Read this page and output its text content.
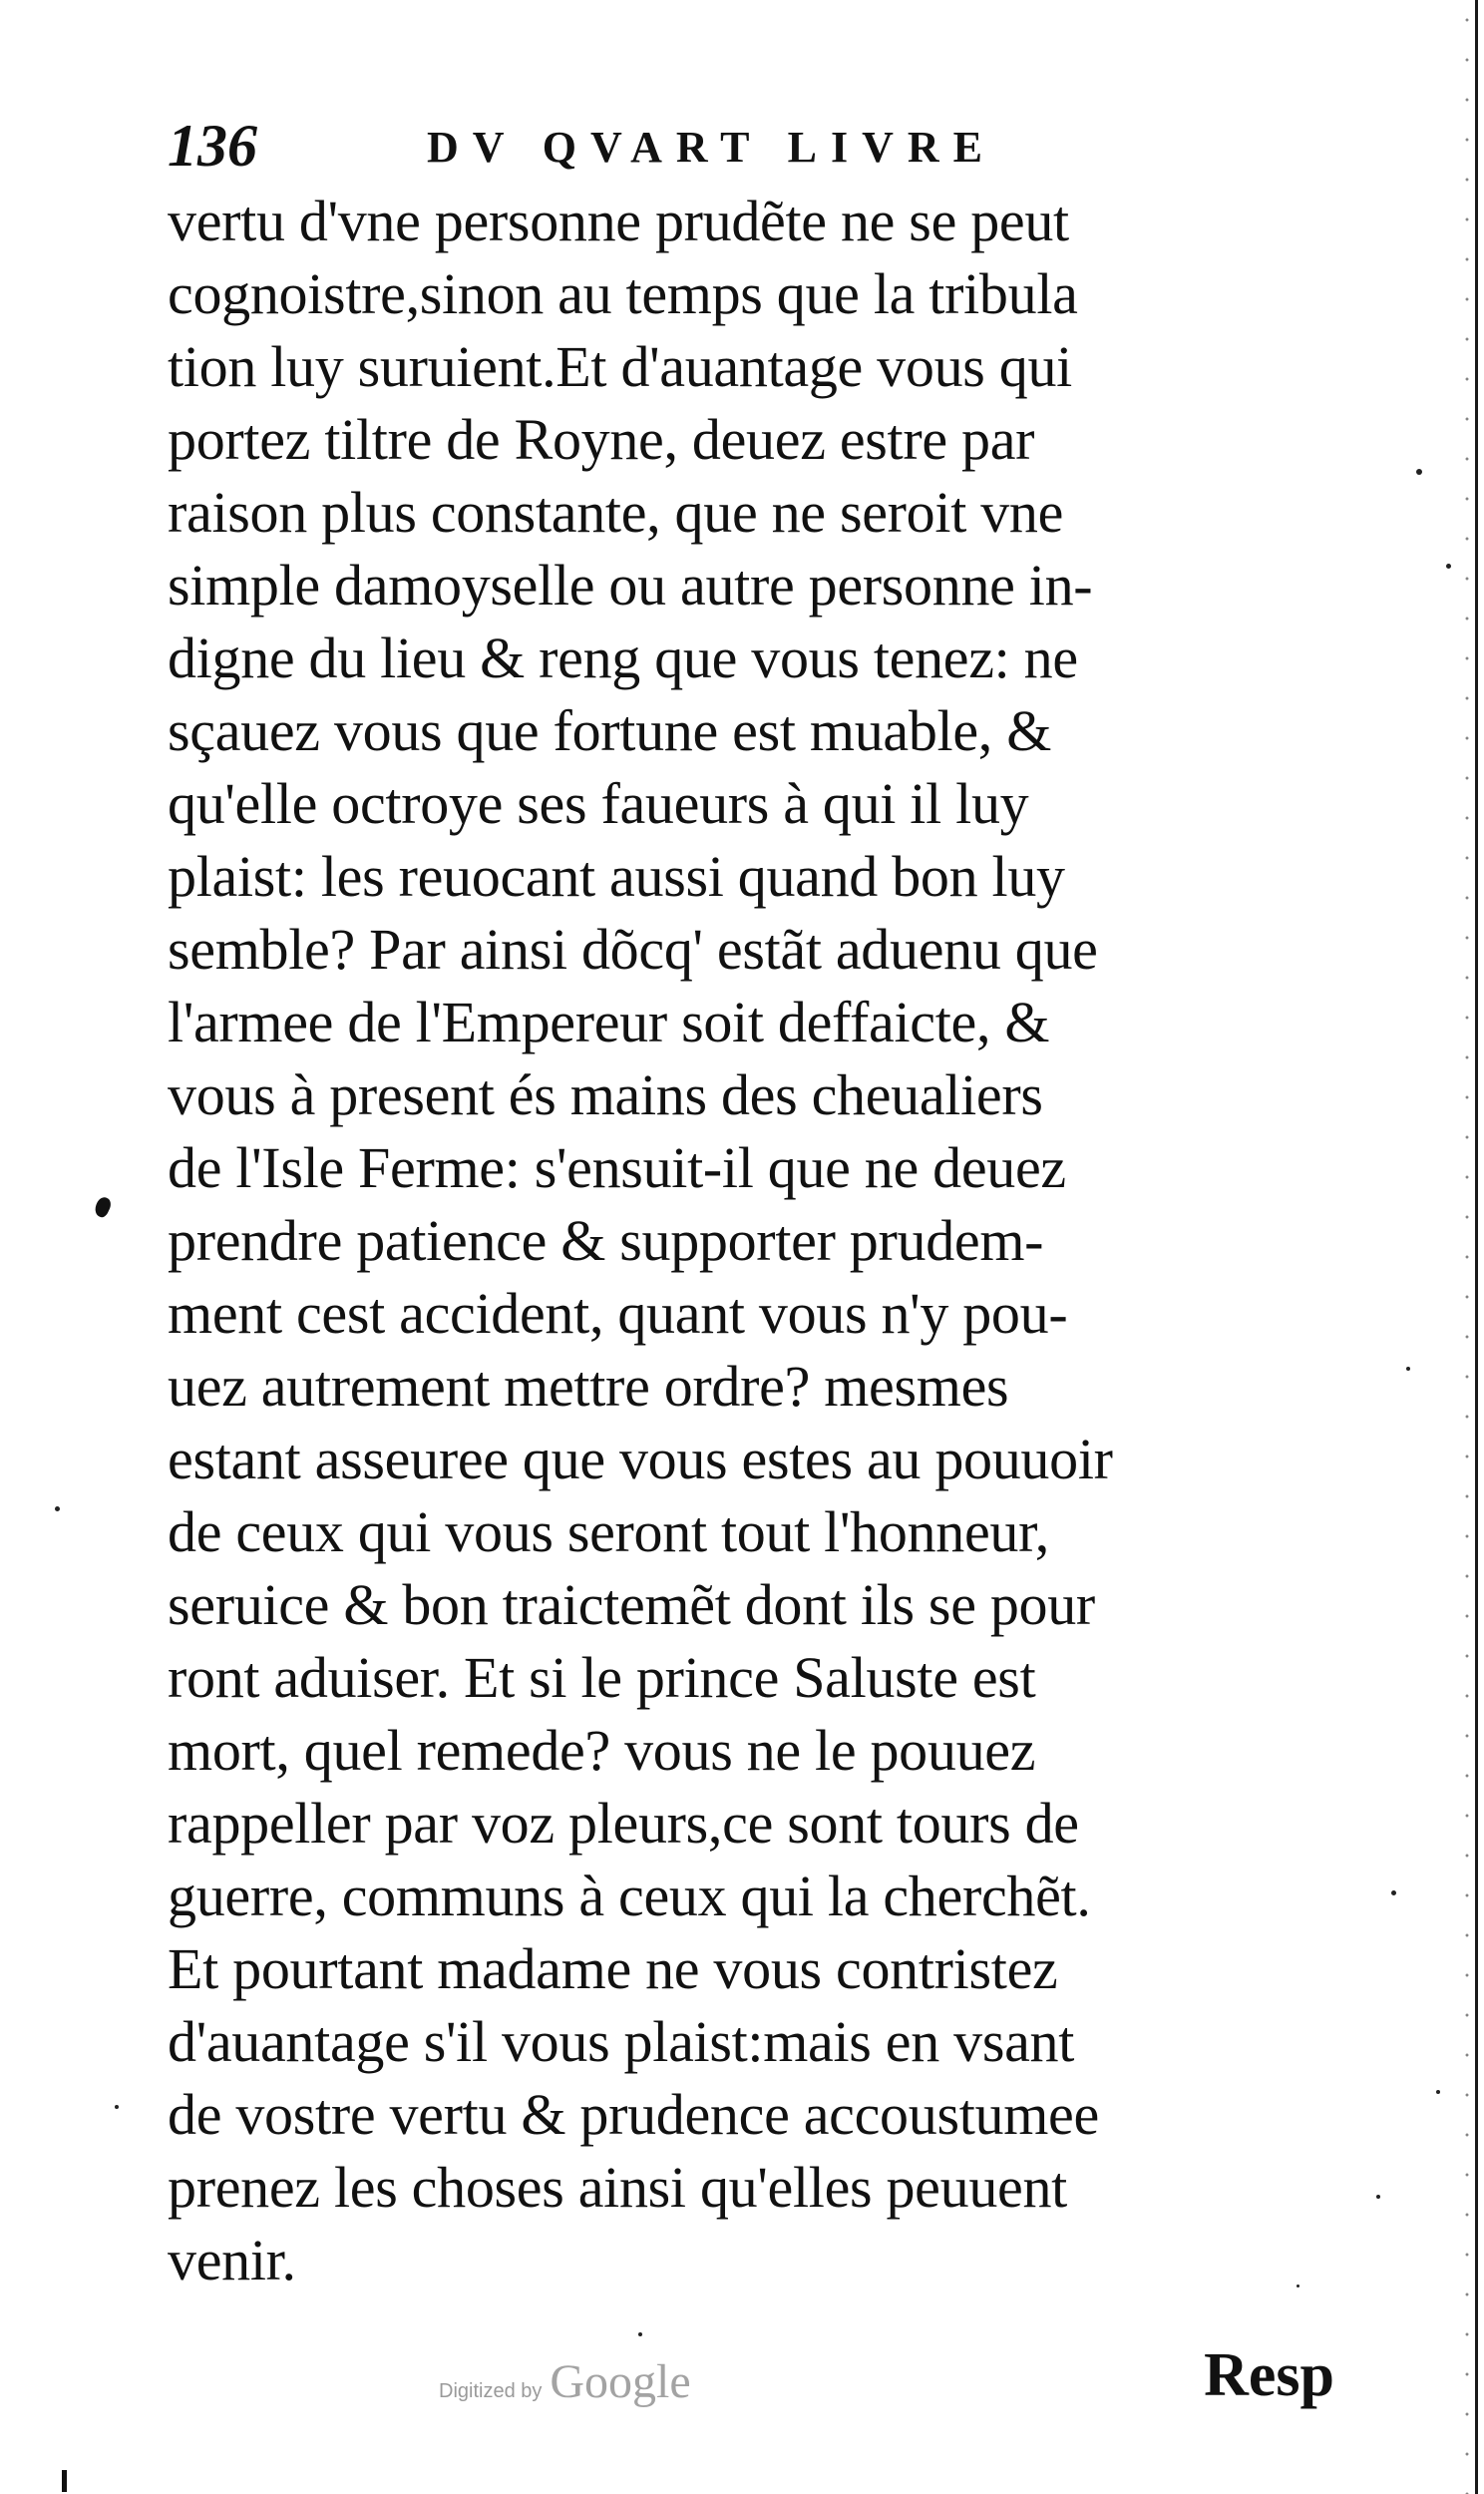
136	DV QVART LIVRE
vertu d'vne personne prudẽte ne se peut
cognoistre,sinon au temps que la tribula
tion luy suruient.Et d'auantage vous qui
portez tiltre de Royne, deuez estre par
raison plus constante, que ne seroit vne
simple damoyselle ou autre personne in-
digne du lieu & reng que vous tenez: ne
sçauez vous que fortune est muable, &
qu'elle octroye ses faueurs à qui il luy
plaist: les reuocant aussi quand bon luy
semble? Par ainsi dõcq' estãt aduenu que
l'armee de l'Empereur soit deffaicte, &
vous à present és mains des cheualiers
de l'Isle Ferme: s'ensuit-il que ne deuez
prendre patience & supporter prudem-
ment cest accident, quant vous n'y pou-
uez autrement mettre ordre? mesmes
estant asseuree que vous estes au pouuoir
de ceux qui vous seront tout l'honneur,
seruice & bon traictemẽt dont ils se pour
ront aduiser. Et si le prince Saluste est
mort, quel remede? vous ne le pouuez
rappeller par voz pleurs,ce sont tours de
guerre, communs à ceux qui la cherchẽt.
Et pourtant madame ne vous contristez
d'auantage s'il vous plaist:mais en vsant
de vostre vertu & prudence accoustumee
prenez les choses ainsi qu'elles peuuent
venir.
Digitized by Google	Resp
